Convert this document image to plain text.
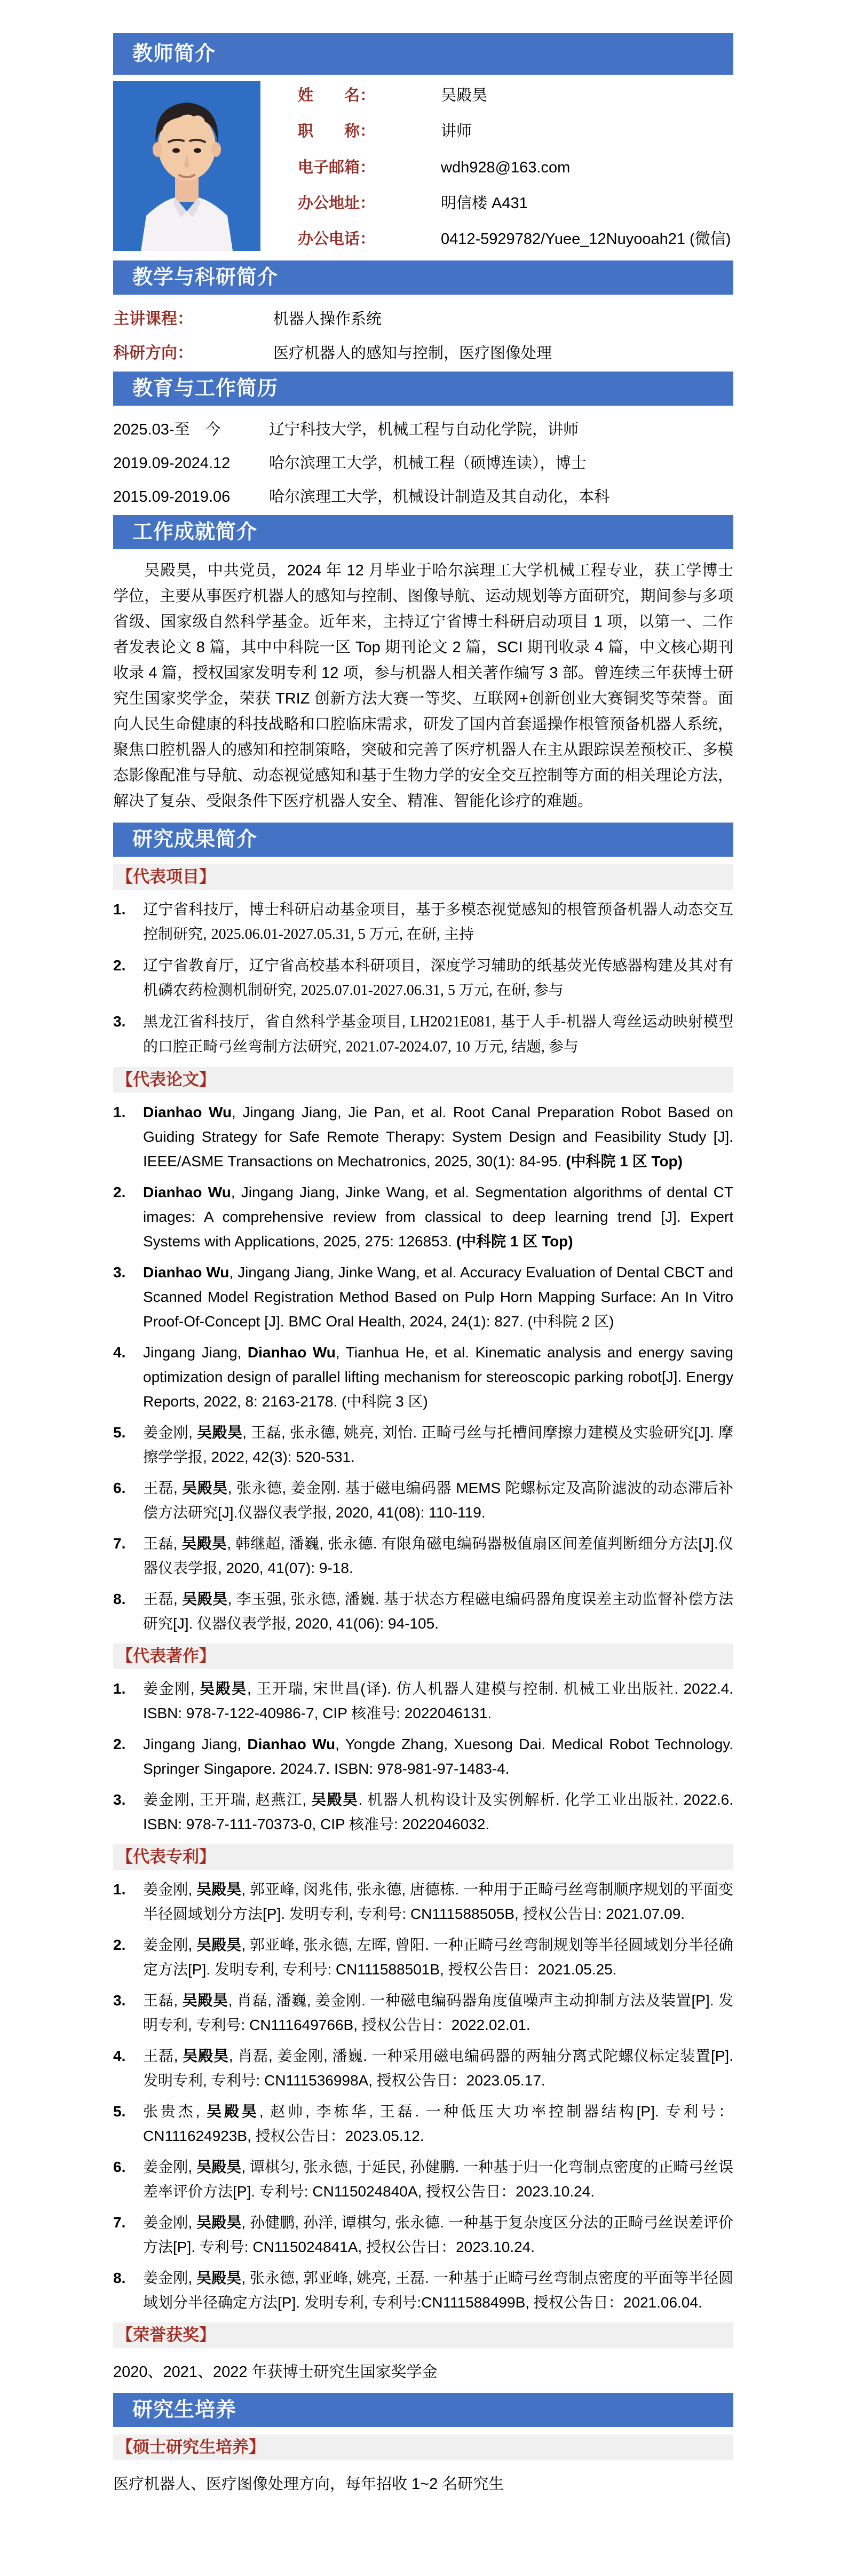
教师简介
姓　　名：	吴殿昊
职　　称：	讲师
电子邮箱：	wdh928@163.com
办公地址：	明信楼 A431
办公电话：	0412-5929782/Yuee_12Nuyooah21 (微信)
教学与科研简介
主讲课程：	机器人操作系统
科研方向：	医疗机器人的感知与控制，医疗图像处理
教育与工作简历
2025.03-至　今	辽宁科技大学，机械工程与自动化学院，讲师
2019.09-2024.12	哈尔滨理工大学，机械工程（硕博连读），博士
2015.09-2019.06	哈尔滨理工大学，机械设计制造及其自动化，本科
工作成就简介

吴殿昊，中共党员，2024 年 12 月毕业于哈尔滨理工大学机械工程专业，获工学博士学位，主要从事医疗机器人的感知与控制、图像导航、运动规划等方面研究，期间参与多项省级、国家级自然科学基金。近年来，主持辽宁省博士科研启动项目 1 项，以第一、二作者发表论文 8 篇，其中中科院一区 Top 期刊论文 2 篇，SCI 期刊收录 4 篇，中文核心期刊收录 4 篇，授权国家发明专利 12 项，参与机器人相关著作编写 3 部。曾连续三年获博士研究生国家奖学金，荣获 TRIZ 创新方法大赛一等奖、互联网+创新创业大赛铜奖等荣誉。面向人民生命健康的科技战略和口腔临床需求，研发了国内首套遥操作根管预备机器人系统，聚焦口腔机器人的感知和控制策略，突破和完善了医疗机器人在主从跟踪误差预校正、多模态影像配准与导航、动态视觉感知和基于生物力学的安全交互控制等方面的相关理论方法，解决了复杂、受限条件下医疗机器人安全、精准、智能化诊疗的难题。

研究成果简介
【代表项目】
1.	辽宁省科技厅，博士科研启动基金项目，基于多模态视觉感知的根管预备机器人动态交互控制研究, 2025.06.01-2027.05.31, 5 万元, 在研, 主持
2.	辽宁省教育厅，辽宁省高校基本科研项目，深度学习辅助的纸基荧光传感器构建及其对有机磷农药检测机制研究, 2025.07.01-2027.06.31, 5 万元, 在研, 参与
3.	黑龙江省科技厅，省自然科学基金项目, LH2021E081, 基于人手-机器人弯丝运动映射模型的口腔正畸弓丝弯制方法研究, 2021.07-2024.07, 10 万元, 结题, 参与
【代表论文】
1.	Dianhao Wu, Jingang Jiang, Jie Pan, et al. Root Canal Preparation Robot Based on Guiding Strategy for Safe Remote Therapy: System Design and Feasibility Study [J]. IEEE/ASME Transactions on Mechatronics, 2025, 30(1): 84-95. (中科院 1 区 Top)
2.	Dianhao Wu, Jingang Jiang, Jinke Wang, et al. Segmentation algorithms of dental CT images: A comprehensive review from classical to deep learning trend [J]. Expert Systems with Applications, 2025, 275: 126853. (中科院 1 区 Top)
3.	Dianhao Wu, Jingang Jiang, Jinke Wang, et al. Accuracy Evaluation of Dental CBCT and Scanned Model Registration Method Based on Pulp Horn Mapping Surface: An In Vitro Proof-Of-Concept [J]. BMC Oral Health, 2024, 24(1): 827. (中科院 2 区)
4.	Jingang Jiang, Dianhao Wu, Tianhua He, et al. Kinematic analysis and energy saving optimization design of parallel lifting mechanism for stereoscopic parking robot[J]. Energy Reports, 2022, 8: 2163-2178. (中科院 3 区)
5.	姜金刚, 吴殿昊, 王磊, 张永德, 姚亮, 刘怡. 正畸弓丝与托槽间摩擦力建模及实验研究[J]. 摩擦学学报, 2022, 42(3): 520-531.
6.	王磊, 吴殿昊, 张永德, 姜金刚. 基于磁电编码器 MEMS 陀螺标定及高阶滤波的动态滞后补偿方法研究[J].仪器仪表学报, 2020, 41(08): 110-119.
7.	王磊, 吴殿昊, 韩继超, 潘巍, 张永德. 有限角磁电编码器极值扇区间差值判断细分方法[J].仪器仪表学报, 2020, 41(07): 9-18.
8.	王磊, 吴殿昊, 李玉强, 张永德, 潘巍. 基于状态方程磁电编码器角度误差主动监督补偿方法研究[J]. 仪器仪表学报, 2020, 41(06): 94-105.
【代表著作】
1.	姜金刚, 吴殿昊, 王开瑞, 宋世昌(译). 仿人机器人建模与控制. 机械工业出版社. 2022.4. ISBN: 978-7-122-40986-7, CIP 核准号: 2022046131.
2.	Jingang Jiang, Dianhao Wu, Yongde Zhang, Xuesong Dai. Medical Robot Technology. Springer Singapore. 2024.7. ISBN: 978-981-97-1483-4.
3.	姜金刚, 王开瑞, 赵燕江, 吴殿昊. 机器人机构设计及实例解析. 化学工业出版社. 2022.6. ISBN: 978-7-111-70373-0, CIP 核准号: 2022046032.
【代表专利】
1.	姜金刚, 吴殿昊, 郭亚峰, 闵兆伟, 张永德, 唐德栋. 一种用于正畸弓丝弯制顺序规划的平面变半径圆域划分方法[P]. 发明专利, 专利号: CN111588505B, 授权公告日: 2021.07.09.
2.	姜金刚, 吴殿昊, 郭亚峰, 张永德, 左晖, 曾阳. 一种正畸弓丝弯制规划等半径圆域划分半径确定方法[P]. 发明专利, 专利号: CN111588501B, 授权公告日：2021.05.25.
3.	王磊, 吴殿昊, 肖磊, 潘巍, 姜金刚. 一种磁电编码器角度值噪声主动抑制方法及装置[P]. 发明专利, 专利号: CN111649766B, 授权公告日：2022.02.01.
4.	王磊, 吴殿昊, 肖磊, 姜金刚, 潘巍. 一种采用磁电编码器的两轴分离式陀螺仪标定装置[P]. 发明专利, 专利号: CN111536998A, 授权公告日：2023.05.17.
5.	张贵杰, 吴殿昊, 赵帅, 李栋华, 王磊. 一种低压大功率控制器结构[P]. 专利号：CN111624923B, 授权公告日：2023.05.12.
6.	姜金刚, 吴殿昊, 谭棋匀, 张永德, 于延民, 孙健鹏. 一种基于归一化弯制点密度的正畸弓丝误差率评价方法[P]. 专利号: CN115024840A, 授权公告日：2023.10.24.
7.	姜金刚, 吴殿昊, 孙健鹏, 孙洋, 谭棋匀, 张永德. 一种基于复杂度区分法的正畸弓丝误差评价方法[P]. 专利号: CN115024841A, 授权公告日：2023.10.24.
8.	姜金刚, 吴殿昊, 张永德, 郭亚峰, 姚亮, 王磊. 一种基于正畸弓丝弯制点密度的平面等半径圆域划分半径确定方法[P]. 发明专利, 专利号:CN111588499B, 授权公告日：2021.06.04.
【荣誉获奖】

2020、2021、2022 年获博士研究生国家奖学金

研究生培养
【硕士研究生培养】

医疗机器人、医疗图像处理方向，每年招收 1~2 名研究生
